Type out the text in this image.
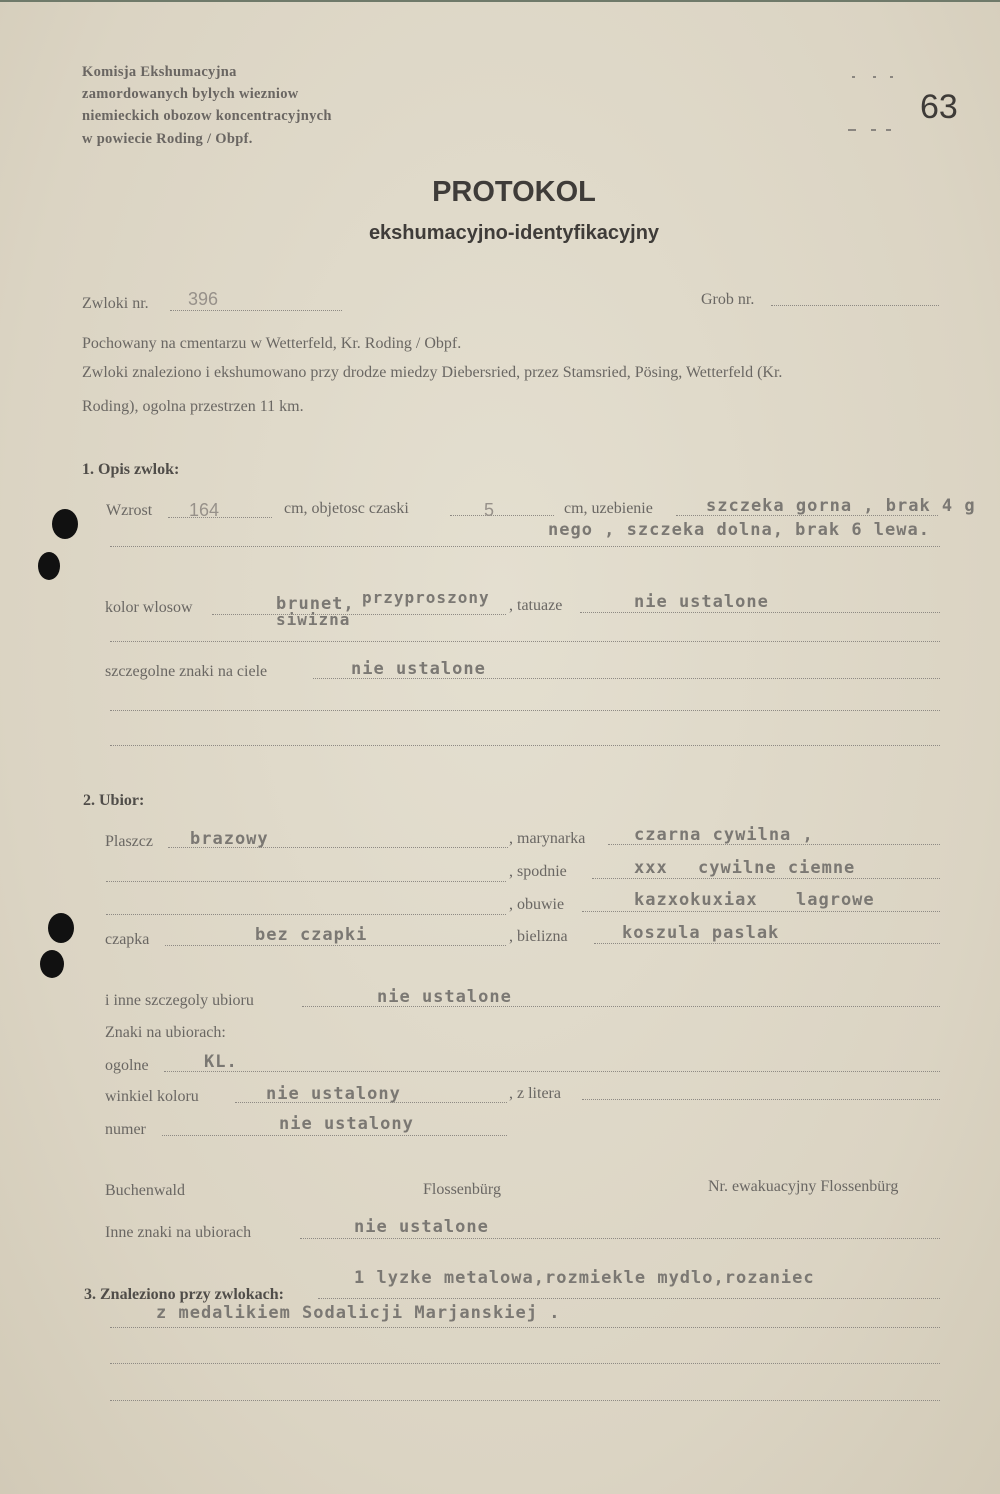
Komisja Ekshumacyjna
zamordowanych bylych wiezniow
niemieckich obozow koncentracyjnych
w powiecie Roding / Obpf.
63
PROTOKOL
ekshumacyjno-identyfikacyjny
Zwloki nr. 396	Grob nr.
Pochowany na cmentarzu w Wetterfeld, Kr. Roding / Obpf.
Zwloki znaleziono i ekshumowano przy drodze miedzy Diebersried, przez Stamsried, Pösing, Wetterfeld (Kr.
Roding), ogolna przestrzen 11 km.
1. Opis zwlok:
Wzrost 164	cm, objetosc czaski	5	cm, uzebienie	szczeka gorna , brak 4 g
nego , szczeka dolna, brak 6 lewa.
kolor wlosow	brunet, przyproszony
siwizna
, tatuaze	nie ustalone
szczegolne znaki na ciele	nie ustalone
2. Ubior:
Plaszcz brazowy	, marynarka	czarna cywilna ,
, spodnie	xxx cywilne ciemne
, obuwie	kazxokuxiax lagrowe
czapka	bez czapki	, bielizna	koszula paslak
i inne szczegoly ubioru	nie ustalone
Znaki na ubiorach:
ogolne	KL.
winkiel koloru	nie ustalony	, z litera
numer	nie ustalony
Buchenwald	Flossenbürg	Nr. ewakuacyjny Flossenbürg
Inne znaki na ubiorach	nie ustalone
3. Znaleziono przy zwlokach:
1 lyzke metalowa,rozmiekle mydlo,rozaniec
z medalikiem Sodalicji Marjanskiej .
